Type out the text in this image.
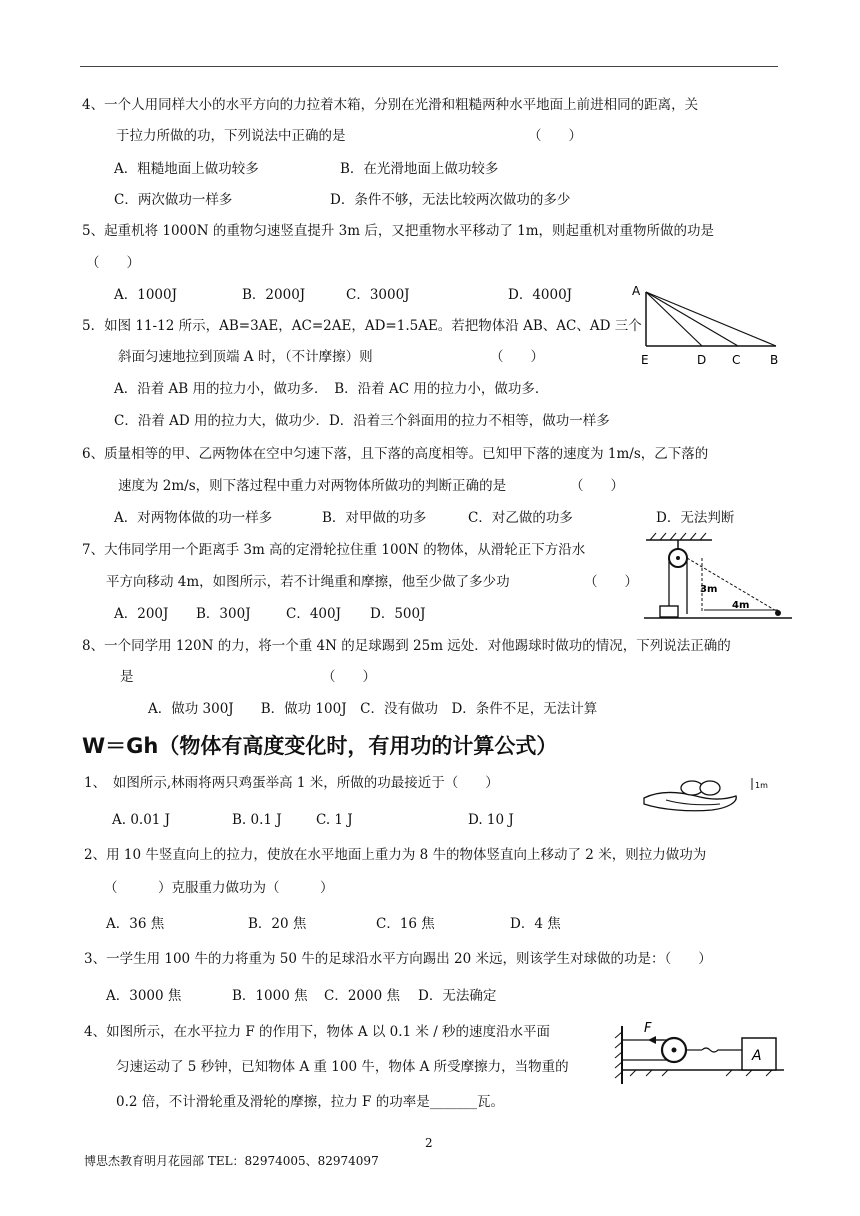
4、一个人用同样大小的水平方向的力拉着木箱，分别在光滑和粗糙两种水平地面上前进相同的距离，关
于拉力所做的功，下列说法中正确的是	（　　）
A．粗糙地面上做功较多	B．在光滑地面上做功较多
C．两次做功一样多	D．条件不够，无法比较两次做功的多少
5、起重机将 1000N 的重物匀速竖直提升 3m 后，又把重物水平移动了 1m，则起重机对重物所做的功是
（　　）
A．1000J	B．2000J	C．3000J	D．4000J
5．如图 11-12 所示，AB=3AE，AC=2AE，AD=1.5AE。若把物体沿 AB、AC、AD 三个
斜面匀速地拉到顶端 A 时，（不计摩擦）则	（　　）
A．沿着 AB 用的拉力小，做功多．　B．沿着 AC 用的拉力小，做功多．
C．沿着 AD 用的拉力大，做功少．D．沿着三个斜面用的拉力不相等，做功一样多
A
E	D C B
6、质量相等的甲、乙两物体在空中匀速下落，且下落的高度相等。已知甲下落的速度为 1m/s，乙下落的
速度为 2m/s，则下落过程中重力对两物体所做功的判断正确的是	（　　）
A．对两物体做的功一样多	B．对甲做的功多	C．对乙做的功多	D．无法判断
7、大伟同学用一个距离手 3m 高的定滑轮拉住重 100N 的物体，从滑轮正下方沿水
平方向移动 4m，如图所示，若不计绳重和摩擦，他至少做了多少功	（　　）
A．200J B．300J	C．400J D．500J
3m
4m
8、一个同学用 120N 的力，将一个重 4N 的足球踢到 25m 远处．对他踢球时做功的情况，下列说法正确的
是	（　　）
A．做功 300J　　B．做功 100J　C．没有做功　D．条件不足，无法计算
W＝Gh（物体有高度变化时，有用功的计算公式）
1、　如图所示,林雨将两只鸡蛋举高 1 米，所做的功最接近于（　　）
A. 0.01 J	B. 0.1 J	C. 1 J	D. 10 J
1m
2、用 10 牛竖直向上的拉力，使放在水平地面上重力为 8 牛的物体竖直向上移动了 2 米，则拉力做功为
（　　　）克服重力做功为（　　　）
A．36 焦	B．20 焦	C．16 焦	D．4 焦
3、一学生用 100 牛的力将重为 50 牛的足球沿水平方向踢出 20 米远，则该学生对球做的功是：（　　）
A．3000 焦	B．1000 焦 C．2000 焦 D．无法确定
4、如图所示，在水平拉力 F 的作用下，物体 A 以 0.1 米 / 秒的速度沿水平面
匀速运动了 5 秒钟，已知物体 A 重 100 牛，物体 A 所受摩擦力，当物重的
0.2 倍，不计滑轮重及滑轮的摩擦，拉力 F 的功率是_______瓦。
F
A
2
博思杰教育明月花园部 TEL：82974005、82974097
